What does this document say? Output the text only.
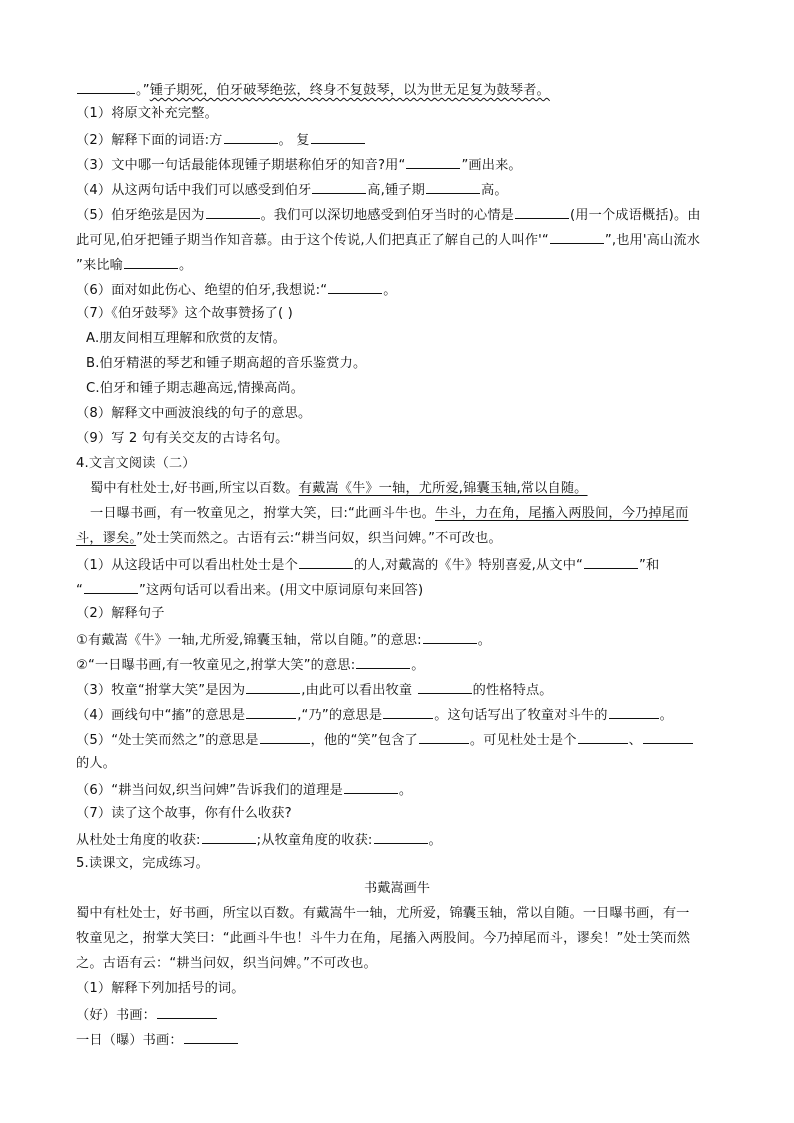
。”锺子期死，伯牙破琴绝弦，终身不复鼓琴，以为世无足复为鼓琴者。
（1）将原文补充完整。
（2）解释下面的词语:方	。 复
（3）文中哪一句话最能体现锺子期堪称伯牙的知音?用“	”画出来。
（4）从这两句话中我们可以感受到伯牙	高,锺子期	高。
（5）伯牙绝弦是因为	。我们可以深切地感受到伯牙当时的心情是	(用一个成语概括)。由
此可见,伯牙把锺子期当作知音慕。由于这个传说,人们把真正了解自己的人叫作'“	”,也用'高山流水
”来比喻	。
（6）面对如此伤心、绝望的伯牙,我想说:“	。
（7）《伯牙鼓琴》这个故事赞扬了( )
A.朋友间相互理解和欣赏的友情。
B.伯牙精湛的琴艺和锺子期高超的音乐鉴赏力。
C.伯牙和锺子期志趣高远,情操高尚。
（8）解释文中画波浪线的句子的意思。
（9）写 2 句有关交友的古诗名句。
4.文言文阅读（二）
蜀中有杜处士,好书画,所宝以百数。有戴嵩《牛》一轴，尤所爱,锦囊玉轴,常以自随。
一日曝书画，有一牧童见之，拊掌大笑，曰:“此画斗牛也。牛斗，力在角，尾搐入两股间，今乃掉尾而
斗，谬矣。”处士笑而然之。古语有云:“耕当问奴，织当问婢。”不可改也。
（1）从这段话中可以看出杜处士是个	的人,对戴嵩的《牛》特别喜爱,从文中“	”和
“	”这两句话可以看出来。(用文中原词原句来回答)
（2）解释句子
①有戴嵩《牛》一轴,尤所爱,锦囊玉轴，常以自随。”的意思:	。
②“一日曝书画,有一牧童见之,拊掌大笑”的意思:	。
（3）牧童“拊掌大笑”是因为	,由此可以看出牧童	的性格特点。
（4）画线句中“搐”的意思是	,“乃”的意思是	。这句话写出了牧童对斗牛的	。
（5）“处士笑而然之”的意思是	，他的“笑”包含了	。可见杜处士是个	、
的人。
（6）“耕当问奴,织当问婢”告诉我们的道理是	。
（7）读了这个故事，你有什么收获?
从杜处士角度的收获:	;从牧童角度的收获:	。
5.读课文，完成练习。
书戴嵩画牛
蜀中有杜处士，好书画，所宝以百数。有戴嵩牛一轴，尤所爱，锦囊玉轴，常以自随。一日曝书画，有一
牧童见之，拊掌大笑曰：“此画斗牛也！斗牛力在角，尾搐入两股间。今乃掉尾而斗，谬矣！”处士笑而然
之。古语有云：“耕当问奴，织当问婢。”不可改也。
（1）解释下列加括号的词。
（好）书画：
一日（曝）书画：
